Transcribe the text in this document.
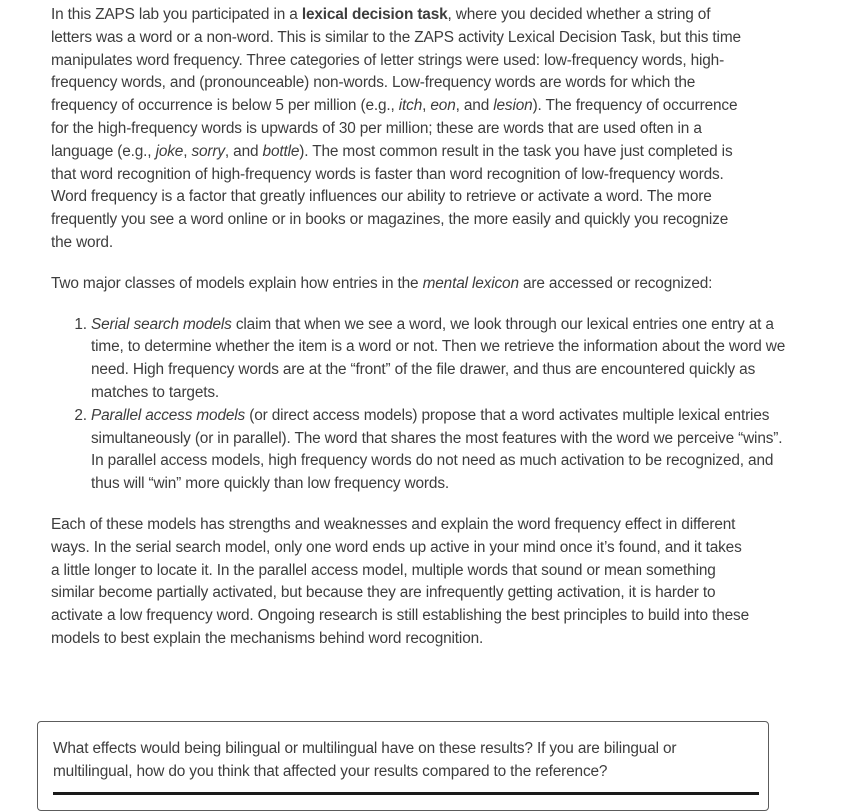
In this ZAPS lab you participated in a lexical decision task, where you decided whether a string of letters was a word or a non-word. This is similar to the ZAPS activity Lexical Decision Task, but this time manipulates word frequency. Three categories of letter strings were used: low-frequency words, high-frequency words, and (pronounceable) non-words. Low-frequency words are words for which the frequency of occurrence is below 5 per million (e.g., itch, eon, and lesion). The frequency of occurrence for the high-frequency words is upwards of 30 per million; these are words that are used often in a language (e.g., joke, sorry, and bottle). The most common result in the task you have just completed is that word recognition of high-frequency words is faster than word recognition of low-frequency words. Word frequency is a factor that greatly influences our ability to retrieve or activate a word. The more frequently you see a word online or in books or magazines, the more easily and quickly you recognize the word.

Two major classes of models explain how entries in the mental lexicon are accessed or recognized:

1. Serial search models claim that when we see a word, we look through our lexical entries one entry at a time, to determine whether the item is a word or not. Then we retrieve the information about the word we need. High frequency words are at the “front” of the file drawer, and thus are encountered quickly as matches to targets.
2. Parallel access models (or direct access models) propose that a word activates multiple lexical entries simultaneously (or in parallel). The word that shares the most features with the word we perceive “wins”. In parallel access models, high frequency words do not need as much activation to be recognized, and thus will “win” more quickly than low frequency words.

Each of these models has strengths and weaknesses and explain the word frequency effect in different ways. In the serial search model, only one word ends up active in your mind once it’s found, and it takes a little longer to locate it. In the parallel access model, multiple words that sound or mean something similar become partially activated, but because they are infrequently getting activation, it is harder to activate a low frequency word. Ongoing research is still establishing the best principles to build into these models to best explain the mechanisms behind word recognition.

What effects would being bilingual or multilingual have on these results? If you are bilingual or multilingual, how do you think that affected your results compared to the reference?
